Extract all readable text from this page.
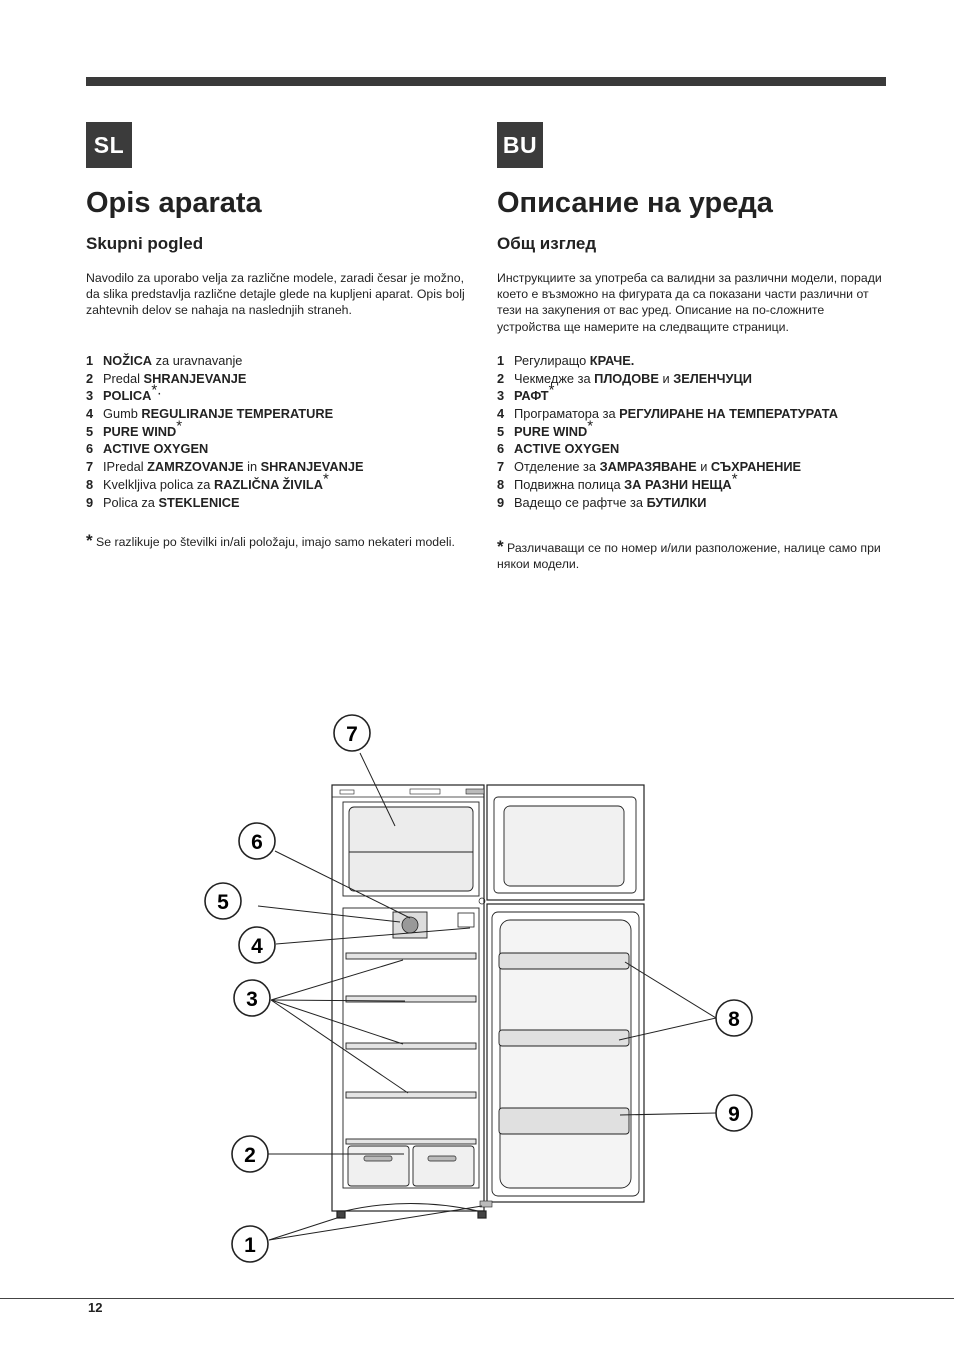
SL
Opis aparata
Skupni pogled

Navodilo za uporabo velja za različne modele, zaradi česar je možno, da slika predstavlja različne detajle glede na kupljeni aparat. Opis bolj zahtevnih delov se nahaja na naslednjih straneh.

1 NOŽICA za uravnavanje
2 Predal SHRANJEVANJE
3 POLICA*.
4 Gumb REGULIRANJE TEMPERATURE
5 PURE WIND*
6 ACTIVE OXYGEN
7 IPredal ZAMRZOVANJE in SHRANJEVANJE
8 Kvelkljiva polica za RAZLIČNA ŽIVILA*
9 Polica za STEKLENICE

* Se razlikuje po številki in/ali položaju, imajo samo nekateri modeli.

BU
Описание на уреда
Общ изглед

Инструкциите за употреба са валидни за различни модели, поради което е възможно на фигурата да са показани части различни от тези на закупения от вас уред. Описание на по-сложните устройства ще намерите на следващите страници.

1 Регулиращо КРАЧЕ.
2 Чекмедже за ПЛОДОВЕ и ЗЕЛЕНЧУЦИ
3 РАФТ*
4 Програматора за РЕГУЛИРАНЕ НА ТЕМПЕРАТУРАТА
5 PURE WIND*
6 ACTIVE OXYGEN
7 Отделение за ЗАМРАЗЯВАНЕ и СЪХРАНЕНИЕ
8 Подвижна полица ЗА РАЗНИ НЕЩА*
9 Вадещо се рафтче за БУТИЛКИ

* Различаващи се по номер и/или разположение, налице само при някои модели.

7
6
5
4
3
2
1
8
9
12
